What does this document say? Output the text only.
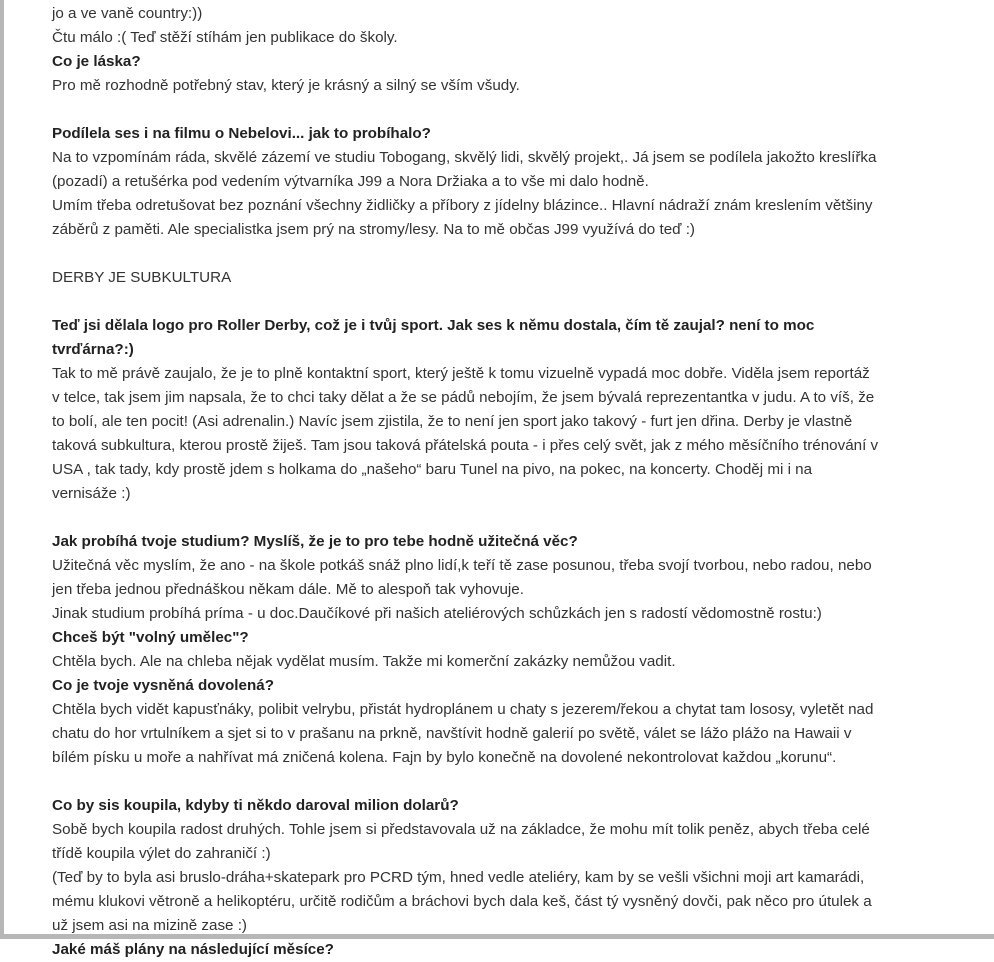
jo a ve vaně country:))

Čtu málo :( Teď stěží stíhám jen publikace do školy.

Co je láska?

Pro mě rozhodně potřebný stav, který je krásný a silný se vším všudy.

Podílela ses i na filmu o Nebelovi... jak to probíhalo?

Na to vzpomínám ráda, skvělé zázemí ve studiu Tobogang, skvělý lidi, skvělý projekt,. Já jsem se podílela jakožto kreslířka

(pozadí) a retušérka pod vedením výtvarníka J99 a Nora Držiaka a to vše mi dalo hodně.

Umím třeba odretušovat bez poznání všechny židličky a příbory z jídelny blázince.. Hlavní nádraží znám kreslením většiny

záběrů z paměti. Ale specialistka jsem prý na stromy/lesy. Na to mě občas J99 využívá do teď :)

DERBY JE SUBKULTURA

Teď jsi dělala logo pro Roller Derby, což je i tvůj sport. Jak ses k němu dostala, čím tě zaujal? není to moc

tvrďárna?:)

Tak to mě právě zaujalo, že je to plně kontaktní sport, který ještě k tomu vizuelně vypadá moc dobře. Viděla jsem reportáž

v telce, tak jsem jim napsala, že to chci taky dělat a že se pádů nebojím, že jsem bývalá reprezentantka v judu. A to víš, že

to bolí, ale ten pocit! (Asi adrenalin.) Navíc jsem zjistila, že to není jen sport jako takový - furt jen dřina. Derby je vlastně

taková subkultura, kterou prostě žiješ. Tam jsou taková přátelská pouta - i přes celý svět, jak z mého měsíčního trénování v

USA , tak tady, kdy prostě jdem s holkama do „našeho“ baru Tunel na pivo, na pokec, na koncerty. Choděj mi i na

vernisáže :)

Jak probíhá tvoje studium? Myslíš, že je to pro tebe hodně užitečná věc?

Užitečná věc myslím, že ano - na škole potkáš snáž plno lidí,k teří tě zase posunou, třeba svojí tvorbou, nebo radou, nebo

jen třeba jednou přednáškou někam dále. Mě to alespoň tak vyhovuje.

Jinak studium probíhá príma - u doc.Daučíkové při našich ateliérových schůzkách jen s radostí vědomostně rostu:)

Chceš být "volný umělec"?

Chtěla bych. Ale na chleba nějak vydělat musím. Takže mi komerční zakázky nemůžou vadit.

Co je tvoje vysněná dovolená?

Chtěla bych vidět kapusťnáky, polibit velrybu, přistát hydroplánem u chaty s jezerem/řekou a chytat tam lososy, vyletět nad

chatu do hor vrtulníkem a sjet si to v prašanu na prkně, navštívit hodně galerií po světě, válet se lážo plážo na Hawaii v

bílém písku u moře a nahřívat má zničená kolena. Fajn by bylo konečně na dovolené nekontrolovat každou „korunu“.

Co by sis koupila, kdyby ti někdo daroval milion dolarů?

Sobě bych koupila radost druhých. Tohle jsem si představovala už na základce, že mohu mít tolik peněz, abych třeba celé

třídě koupila výlet do zahraničí :)

(Teď by to byla asi bruslo-dráha+skatepark pro PCRD tým, hned vedle ateliéry, kam by se vešli všichni moji art kamarádi,

mému klukovi větroně a helikoptéru, určitě rodičům a bráchovi bych dala keš, část tý vysněný dovči, pak něco pro útulek a

už jsem asi na mizině zase :)

Jaké máš plány na následující měsíce?
